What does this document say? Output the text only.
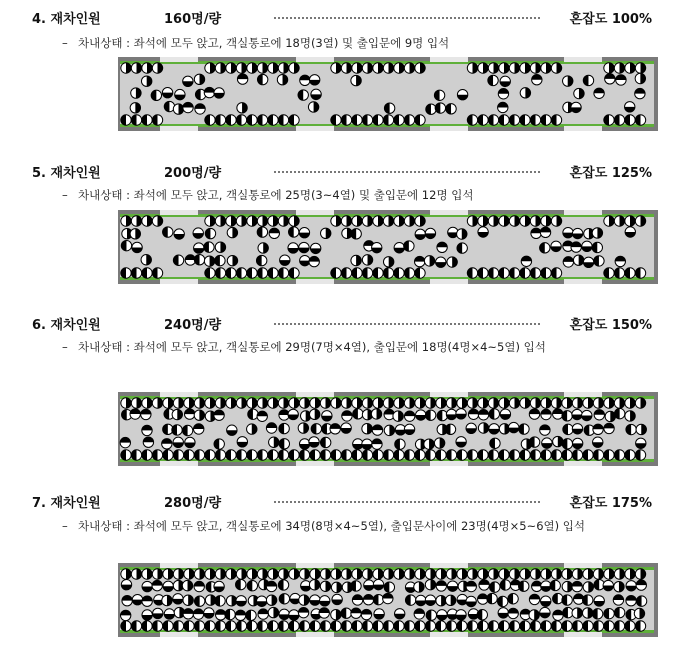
4. 재차인원	160명/량	혼잡도 100%
– 차내상태 : 좌석에 모두 앉고, 객실통로에 18명(3열) 및 출입문에 9명 입석
5. 재차인원	200명/량	혼잡도 125%
– 차내상태 : 좌석에 모두 앉고, 객실통로에 25명(3~4열) 및 출입문에 12명 입석
6. 재차인원	240명/량	혼잡도 150%
– 차내상태 : 좌석에 모두 앉고, 객실통로에 29명(7명×4열), 출입문에 18명(4명×4~5열) 입석
7. 재차인원	280명/량	혼잡도 175%
– 차내상태 : 좌석에 모두 앉고, 객실통로에 34명(8명×4~5열), 출입문사이에 23명(4명×5~6열) 입석
